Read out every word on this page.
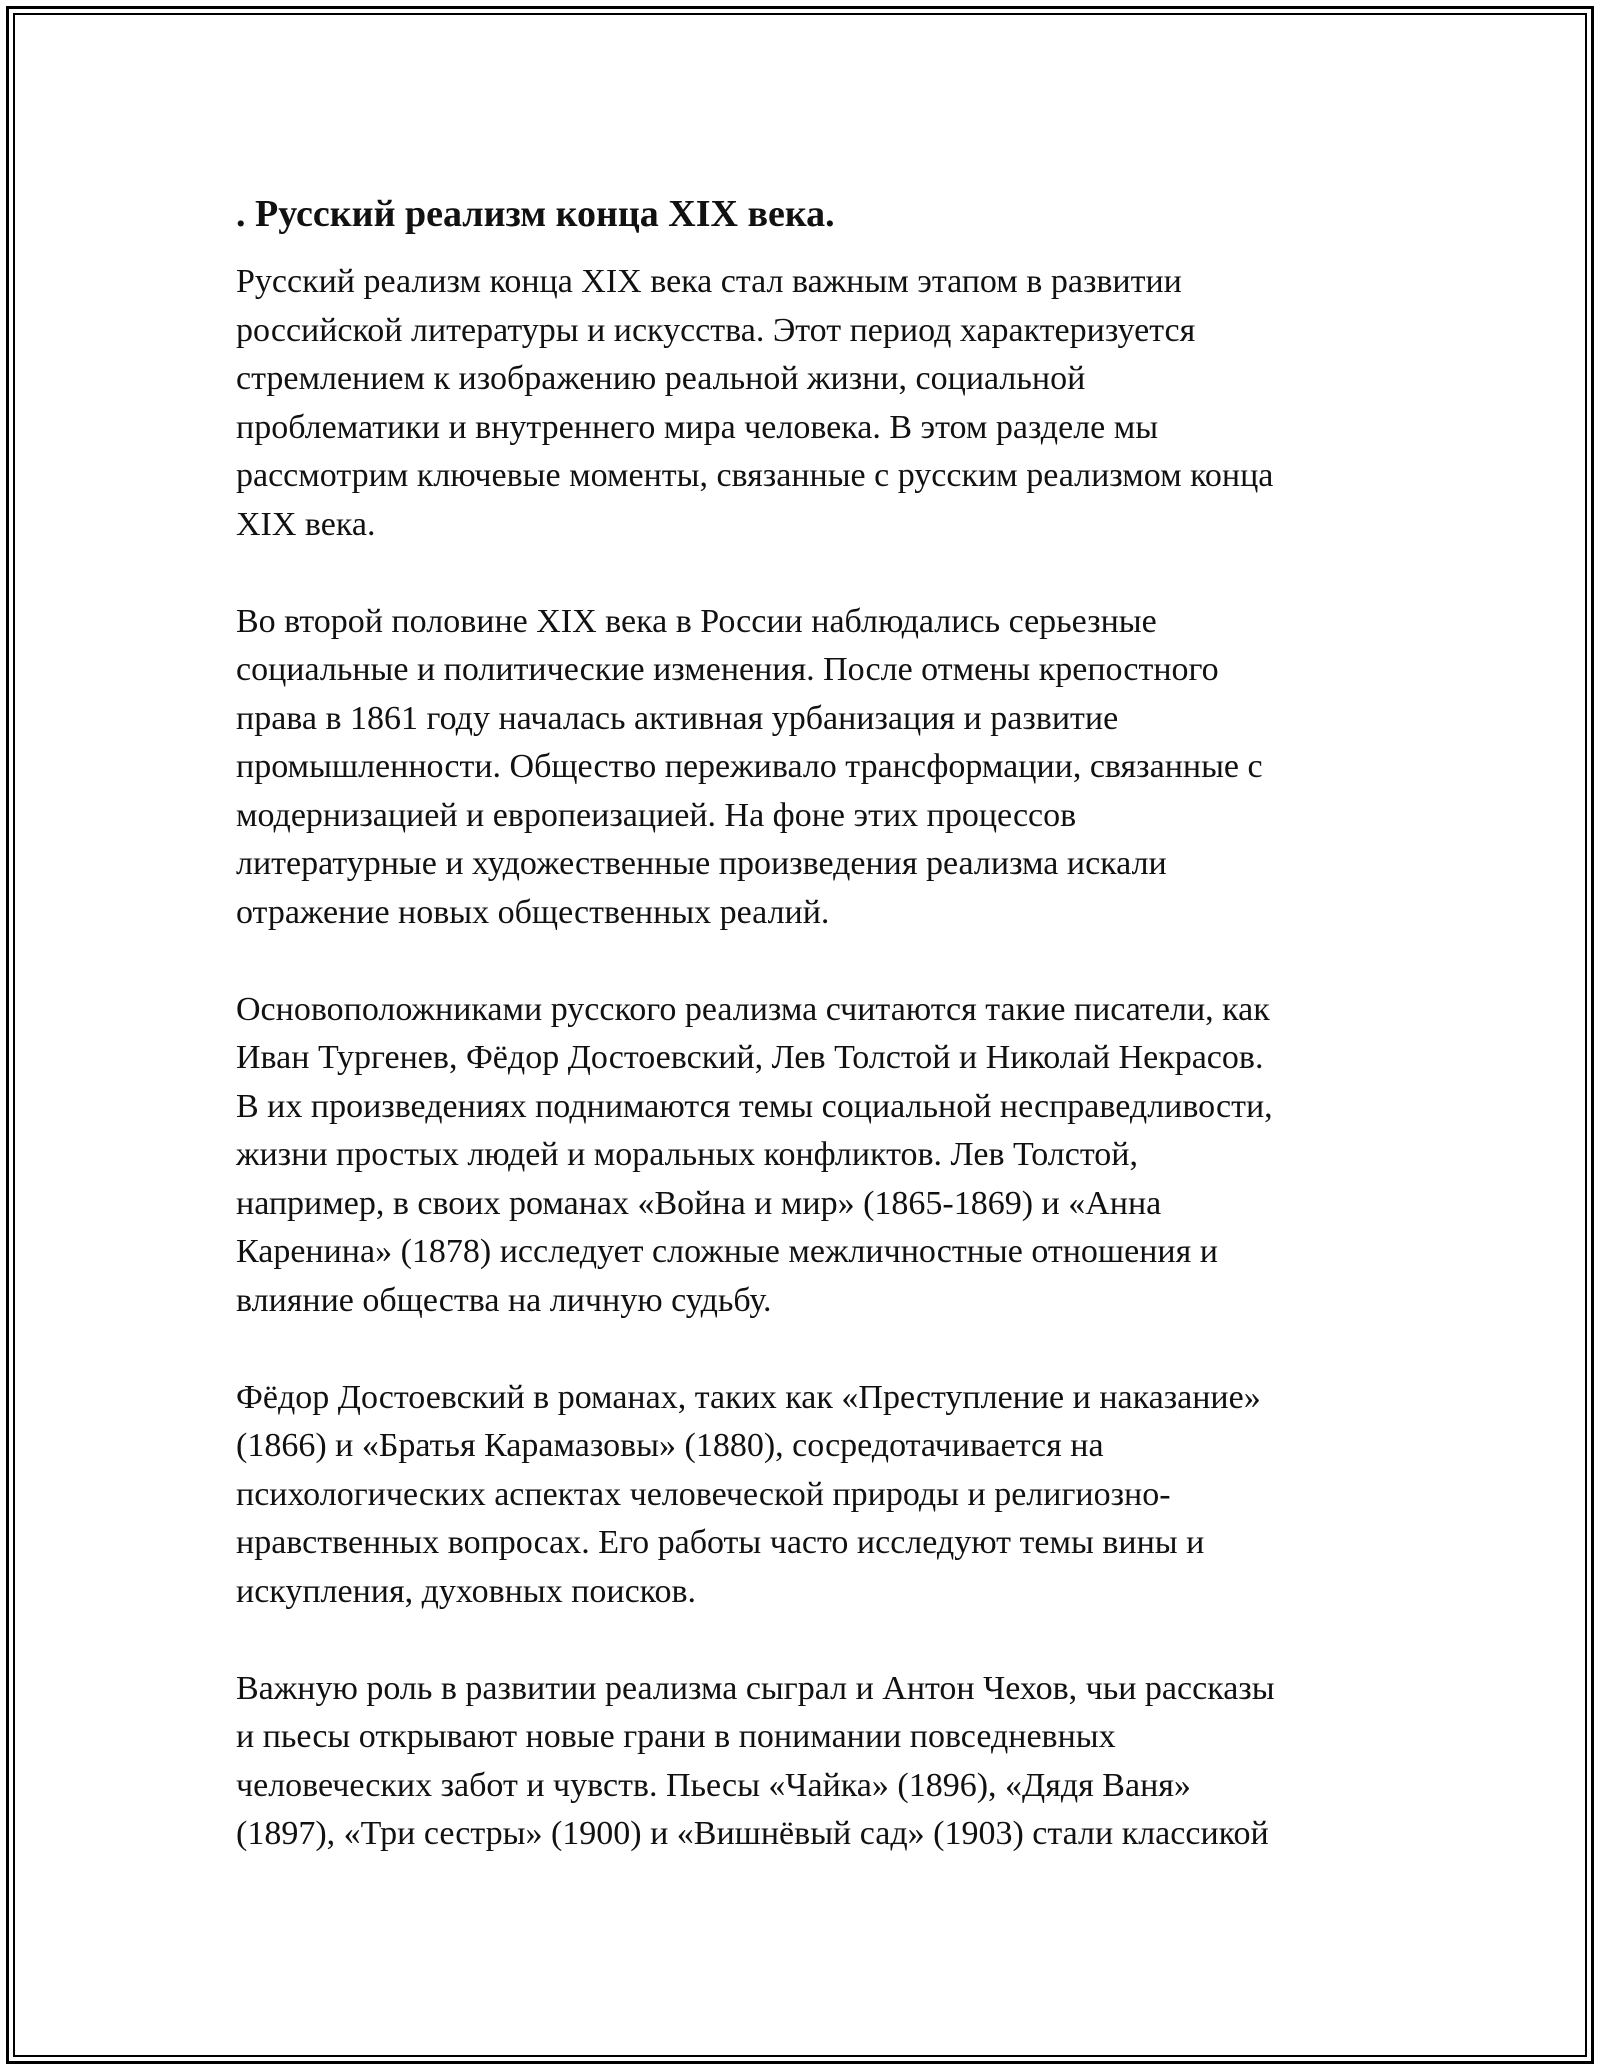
. Русский реализм конца XIX века.

Русский реализм конца XIX века стал важным этапом в развитии
российской литературы и искусства. Этот период характеризуется
стремлением к изображению реальной жизни, социальной
проблематики и внутреннего мира человека. В этом разделе мы
рассмотрим ключевые моменты, связанные с русским реализмом конца
XIX века.

Во второй половине XIX века в России наблюдались серьезные
социальные и политические изменения. После отмены крепостного
права в 1861 году началась активная урбанизация и развитие
промышленности. Общество переживало трансформации, связанные с
модернизацией и европеизацией. На фоне этих процессов
литературные и художественные произведения реализма искали
отражение новых общественных реалий.

Основоположниками русского реализма считаются такие писатели, как
Иван Тургенев, Фёдор Достоевский, Лев Толстой и Николай Некрасов.
В их произведениях поднимаются темы социальной несправедливости,
жизни простых людей и моральных конфликтов. Лев Толстой,
например, в своих романах «Война и мир» (1865-1869) и «Анна
Каренина» (1878) исследует сложные межличностные отношения и
влияние общества на личную судьбу.

Фёдор Достоевский в романах, таких как «Преступление и наказание»
(1866) и «Братья Карамазовы» (1880), сосредотачивается на
психологических аспектах человеческой природы и религиозно-
нравственных вопросах. Его работы часто исследуют темы вины и
искупления, духовных поисков.

Важную роль в развитии реализма сыграл и Антон Чехов, чьи рассказы
и пьесы открывают новые грани в понимании повседневных
человеческих забот и чувств. Пьесы «Чайка» (1896), «Дядя Ваня»
(1897), «Три сестры» (1900) и «Вишнёвый сад» (1903) стали классикой
